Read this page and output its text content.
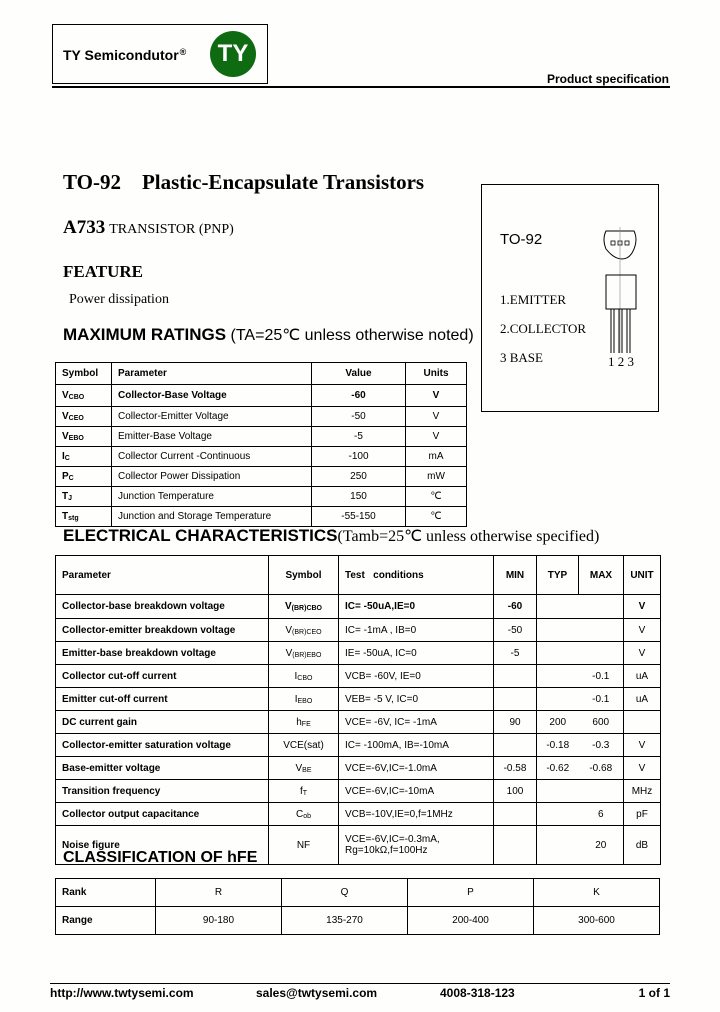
TY Semicondutor®	TY
Product specification
TO-92    Plastic-Encapsulate Transistors
TO-92
1.EMITTER
2.COLLECTOR
3 BASE	1 2 3
A733 TRANSISTOR (PNP)
FEATURE
Power dissipation
MAXIMUM RATINGS (TA=25℃ unless otherwise noted)
Symbol	Parameter	Value	Units
$V_{CBO}$	Collector-Base Voltage	-60	V
$V_{CEO}$	Collector-Emitter Voltage	-50	V
$V_{EBO}$	Emitter-Base Voltage	-5	V
$I_C$	Collector Current -Continuous	-100	mA
$P_C$	Collector Power Dissipation	250	mW
$T_J$	Junction Temperature	150	℃
$T_{stg}$	Junction and Storage Temperature	-55-150	℃
ELECTRICAL CHARACTERISTICS(Tamb=25℃ unless otherwise specified)
Parameter	Symbol	Test   conditions	MIN	TYP	MAX	UNIT
Collector-base breakdown voltage	$V_{(BR)CBO}$	IC= -50uA,IE=0	-60			V
Collector-emitter breakdown voltage	$V_{(BR)CEO}$	IC= -1mA , IB=0	-50			V
Emitter-base breakdown voltage	$V_{(BR)EBO}$	IE= -50uA, IC=0	-5			V
Collector cut-off current	$I_{CBO}$	VCB= -60V, IE=0			-0.1	uA
Emitter cut-off current	$I_{EBO}$	VEB= -5 V, IC=0			-0.1	uA
DC current gain	$h_{FE}$	VCE= -6V, IC= -1mA	90	200	600	
Collector-emitter saturation voltage	VCE(sat)	IC= -100mA, IB=-10mA		-0.18	-0.3	V
Base-emitter voltage	$V_{BE}$	VCE=-6V,IC=-1.0mA	-0.58	-0.62	-0.68	V
Transition frequency	$f_T$	VCE=-6V,IC=-10mA	100			MHz
Collector output capacitance	$C_{ob}$	VCB=-10V,IE=0,f=1MHz			6	pF
Noise figure	NF	VCE=-6V,IC=-0.3mA,
Rg=10kΩ,f=100Hz			20	dB
CLASSIFICATION OF hFE
Rank	R	Q	P	K
Range	90-180	135-270	200-400	300-600
http://www.twtysemi.com	sales@twtysemi.com	4008-318-123	1 of 1
